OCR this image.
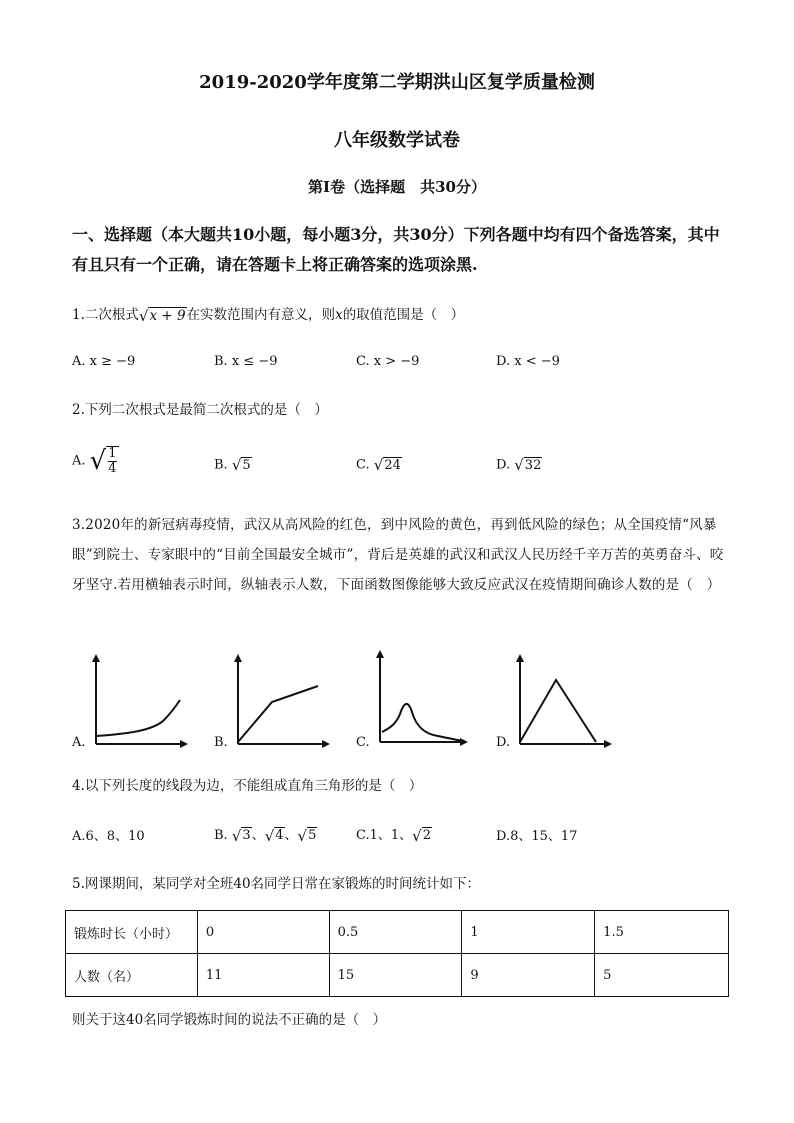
2019-2020学年度第二学期洪山区复学质量检测
八年级数学试卷
第Ⅰ卷（选择题　共30分）
一、选择题（本大题共10小题，每小题3分，共30分）下列各题中均有四个备选答案，其中有且只有一个正确，请在答题卡上将正确答案的选项涂黑.
1.二次根式√x + 9在实数范围内有意义，则x的取值范围是（　）
A. x ≥ −9	B. x ≤ −9	C. x > −9	D. x < −9
2.下列二次根式是最简二次根式的是（　）
A. √ $\frac{1}{4}$	B. √5	C. √24	D. √32
3.2020年的新冠病毒疫情，武汉从高风险的红色，到中风险的黄色，再到低风险的绿色；从全国疫情“风暴眼”到院士、专家眼中的“目前全国最安全城市”，背后是英雄的武汉和武汉人民历经千辛万苦的英勇奋斗、咬牙坚守.若用横轴表示时间，纵轴表示人数，下面函数图像能够大致反应武汉在疫情期间确诊人数的是（　）
A.	B.	C.	D.
4.以下列长度的线段为边，不能组成直角三角形的是（　）
A.6、8、10	B. √3、√4、√5	C.1、1、√2	D.8、15、17
5.网课期间，某同学对全班40名同学日常在家锻炼的时间统计如下：
锻炼时长（小时）	0	0.5	1	1.5
人数（名）	11	15	9	5
则关于这40名同学锻炼时间的说法不正确的是（　）
